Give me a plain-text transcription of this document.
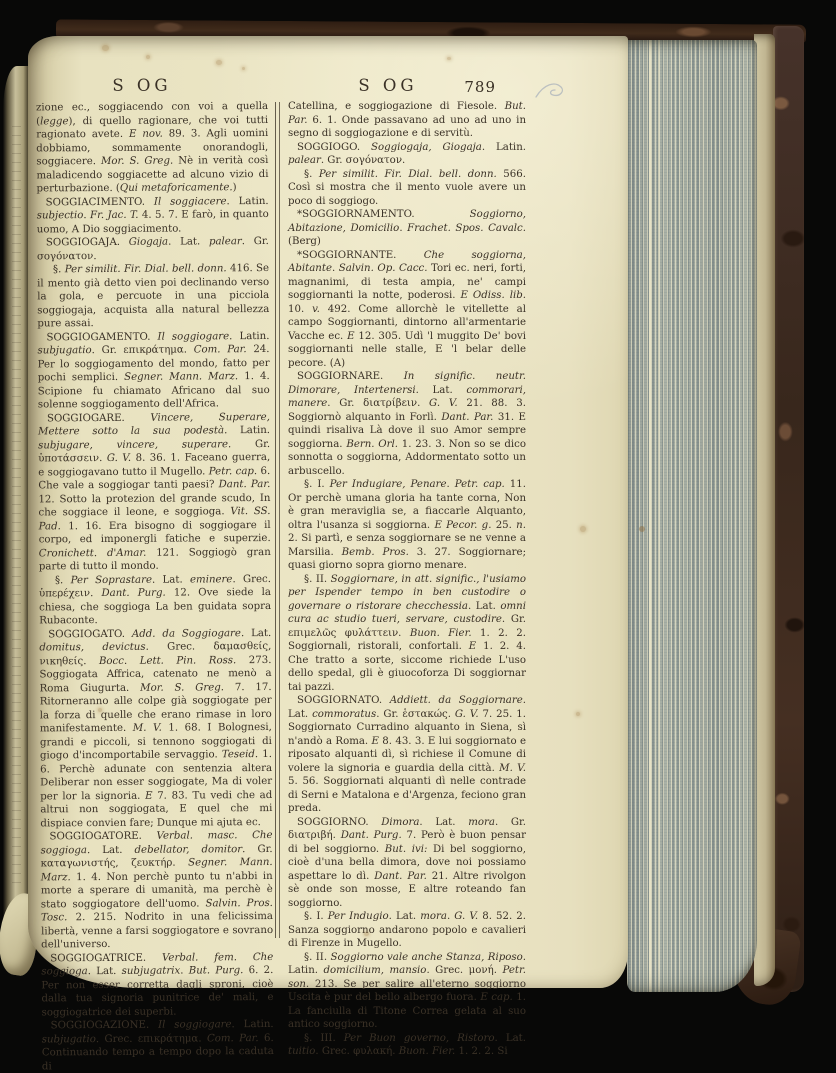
S OG	S OG	789

zione ec., soggiacendo con voi a quella (legge), di quello ragionare, che voi tutti ragionato avete. E nov. 89. 3. Agli uomini dobbiamo, sommamente onorandogli, soggiacere. Mor. S. Greg. Nè in verità così maladicendo soggiacette ad alcuno vizio di perturbazione. (Qui metaforicamente.)

SOGGIACIMENTO. Il soggiacere. Latin. subjectio. Fr. Jac. T. 4. 5. 7. E farò, in quanto uomo, A Dio soggiacimento.

SOGGIOGAJA. Giogaja. Lat. palear. Gr. σογόνατον.

§. Per similit. Fir. Dial. bell. donn. 416. Se il mento già detto vien poi declinando verso la gola, e percuote in una picciola soggiogaja, acquista alla natural bellezza pure assai.

SOGGIOGAMENTO. Il soggiogare. Latin. subjugatio. Gr. επικράτημα. Com. Par. 24. Per lo soggiogamento del mondo, fatto per pochi semplici. Segner. Mann. Marz. 1. 4. Scipione fu chiamato Africano dal suo solenne soggiogamento dell'Africa.

SOGGIOGARE. Vincere, Superare, Mettere sotto la sua podestà. Latin. subjugare, vincere, superare. Gr. ὑποτάσσειν. G. V. 8. 36. 1. Faceano guerra, e soggiogavano tutto il Mugello. Petr. cap. 6. Che vale a soggiogar tanti paesi? Dant. Par. 12. Sotto la protezion del grande scudo, In che soggiace il leone, e soggioga. Vit. SS. Pad. 1. 16. Era bisogno di soggiogare il corpo, ed imponergli fatiche e superzie. Cronichett. d'Amar. 121. Soggiogò gran parte di tutto il mondo.

§. Per Soprastare. Lat. eminere. Grec. ὑπερέχειν. Dant. Purg. 12. Ove siede la chiesa, che soggioga La ben guidata sopra Rubaconte.

SOGGIOGATO. Add. da Soggiogare. Lat. domitus, devictus. Grec. δαμασθείς, νικηθείς. Bocc. Lett. Pin. Ross. 273. Soggiogata Affrica, catenato ne menò a Roma Giugurta. Mor. S. Greg. 7. 17. Ritorneranno alle colpe già soggiogate per la forza di quelle che erano rimase in loro manifestamente. M. V. 1. 68. I Bolognesi, grandi e piccoli, si tennono soggiogati di giogo d'incomportabile servaggio. Teseid. 1. 6. Perchè adunate con sentenzia altera Deliberar non esser soggiogate, Ma di voler per lor la signoria. E 7. 83. Tu vedi che ad altrui non soggiogata, E quel che mi dispiace convien fare; Dunque mi ajuta ec.

SOGGIOGATORE. Verbal. masc. Che soggioga. Lat. debellator, domitor. Gr. καταγωνιστής, ζευκτήρ. Segner. Mann. Marz. 1. 4. Non perchè punto tu n'abbi in morte a sperare di umanità, ma perchè è stato soggiogatore dell'uomo. Salvin. Pros. Tosc. 2. 215. Nodrito in una felicissima libertà, venne a farsi soggiogatore e sovrano dell'universo.

SOGGIOGATRICE. Verbal. fem. Che soggioga. Lat. subjugatrix. But. Purg. 6. 2. Per non esser corretta dagli sproni, cioè dalla tua signoria punitrice de' mali, e soggiogatrice dei superbi.

SOGGIOGAZIONE. Il soggiogare. Latin. subjugatio. Grec. επικράτημα. Com. Par. 6. Continuando tempo a tempo dopo la caduta di

Catellina, e soggiogazione di Fiesole. But. Par. 6. 1. Onde passavano ad uno ad uno in segno di soggiogazione e di servitù.

SOGGIOGO. Soggiogaja, Giogaja. Latin. palear. Gr. σογόνατον.

§. Per similit. Fir. Dial. bell. donn. 566. Così si mostra che il mento vuole avere un poco di soggiogo.

*SOGGIORNAMENTO. Soggiorno, Abitazione, Domicilio. Frachet. Spos. Cavalc. (Berg)

*SOGGIORNANTE. Che soggiorna, Abitante. Salvin. Op. Cacc. Tori ec. neri, forti, magnanimi, di testa ampia, ne' campi soggiornanti la notte, poderosi. E Odiss. lib. 10. v. 492. Come allorchè le vitellette al campo Soggiornanti, dintorno all'armentarie Vacche ec. E 12. 305. Udì 'l muggito De' bovi soggiornanti nelle stalle, E 'l belar delle pecore. (A)

SOGGIORNARE. In signific. neutr. Dimorare, Intertenersi. Lat. commorari, manere. Gr. διατρίβειν. G. V. 21. 88. 3. Soggiornò alquanto in Forlì. Dant. Par. 31. E quindi risaliva Là dove il suo Amor sempre soggiorna. Bern. Orl. 1. 23. 3. Non so se dico sonnotta o soggiorna, Addormentato sotto un arbuscello.

§. I. Per Indugiare, Penare. Petr. cap. 11. Or perchè umana gloria ha tante corna, Non è gran meraviglia se, a fiaccarle Alquanto, oltra l'usanza si soggiorna. E Pecor. g. 25. n. 2. Si partì, e senza soggiornare se ne venne a Marsilia. Bemb. Pros. 3. 27. Soggiornare; quasi giorno sopra giorno menare.

§. II. Soggiornare, in att. signific., l'usiamo per Ispender tempo in ben custodire o governare o ristorare checchessia. Lat. omni cura ac studio tueri, servare, custodire. Gr. επιμελῶς φυλάττειν. Buon. Fier. 1. 2. 2. Soggiornali, ristorali, confortali. E 1. 2. 4. Che tratto a sorte, siccome richiede L'uso dello spedal, gli è giuocoforza Di soggiornar tai pazzi.

SOGGIORNATO. Addiett. da Soggiornare. Lat. commoratus. Gr. ἑστακώς. G. V. 7. 25. 1. Soggiornato Curradino alquanto in Siena, sì n'andò a Roma. E 8. 43. 3. E lui soggiornato e riposato alquanti dì, sì richiese il Comune di volere la signoria e guardia della città. M. V. 5. 56. Soggiornati alquanti dì nelle contrade di Serni e Matalona e d'Argenza, feciono gran preda.

SOGGIORNO. Dimora. Lat. mora. Gr. διατριβή. Dant. Purg. 7. Però è buon pensar di bel soggiorno. But. ivi: Di bel soggiorno, cioè d'una bella dimora, dove noi possiamo aspettare lo dì. Dant. Par. 21. Altre rivolgon sè onde son mosse, E altre roteando fan soggiorno.

§. I. Per Indugio. Lat. mora. G. V. 8. 52. 2. Sanza soggiorno andarono popolo e cavalieri di Firenze in Mugello.

§. II. Soggiorno vale anche Stanza, Riposo. Latin. domicilium, mansio. Grec. μονή. Petr. son. 213. Se per salire all'eterno soggiorno Uscita è pur del bello albergo fuora. E cap. 1. La fanciulla di Titone Correa gelata al suo antico soggiorno.

§. III. Per Buon governo, Ristoro. Lat. tuitio. Grec. φυλακή. Buon. Fier. 1. 2. 2. Si
